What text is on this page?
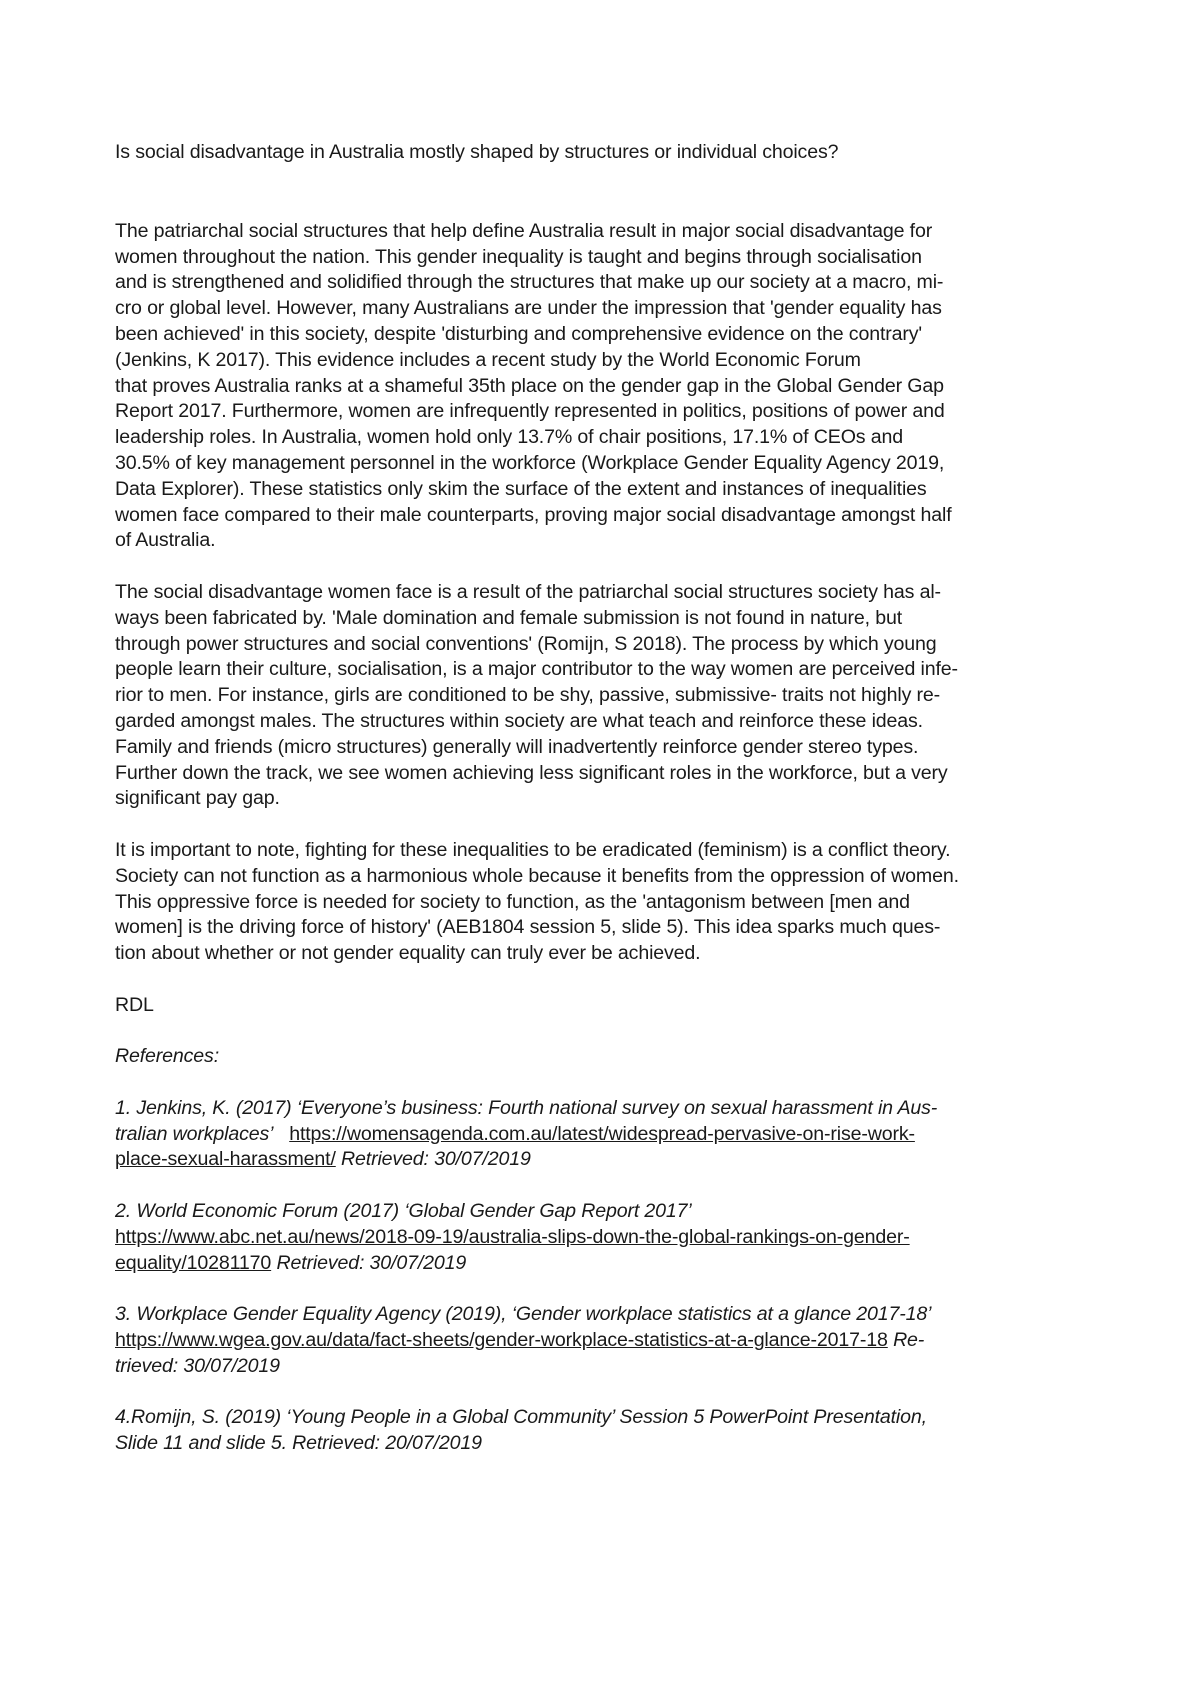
Is social disadvantage in Australia mostly shaped by structures or individual choices?
The patriarchal social structures that help define Australia result in major social disadvantage for
women throughout the nation. This gender inequality is taught and begins through socialisation
and is strengthened and solidified through the structures that make up our society at a macro, mi-
cro or global level. However, many Australians are under the impression that 'gender equality has
been achieved' in this society, despite 'disturbing and comprehensive evidence on the contrary'
(Jenkins, K 2017). This evidence includes a recent study by the World Economic Forum
that proves Australia ranks at a shameful 35th place on the gender gap in the Global Gender Gap
Report 2017. Furthermore, women are infrequently represented in politics, positions of power and
leadership roles. In Australia, women hold only 13.7% of chair positions, 17.1% of CEOs and
30.5% of key management personnel in the workforce (Workplace Gender Equality Agency 2019,
Data Explorer). These statistics only skim the surface of the extent and instances of inequalities
women face compared to their male counterparts, proving major social disadvantage amongst half
of Australia.
The social disadvantage women face is a result of the patriarchal social structures society has al-
ways been fabricated by. 'Male domination and female submission is not found in nature, but
through power structures and social conventions' (Romijn, S 2018). The process by which young
people learn their culture, socialisation, is a major contributor to the way women are perceived infe-
rior to men. For instance, girls are conditioned to be shy, passive, submissive- traits not highly re-
garded amongst males. The structures within society are what teach and reinforce these ideas.
Family and friends (micro structures) generally will inadvertently reinforce gender stereo types.
Further down the track, we see women achieving less significant roles in the workforce, but a very
significant pay gap.
It is important to note, fighting for these inequalities to be eradicated (feminism) is a conflict theory.
Society can not function as a harmonious whole because it benefits from the oppression of women.
This oppressive force is needed for society to function, as the 'antagonism between [men and
women] is the driving force of history' (AEB1804 session 5, slide 5). This idea sparks much ques-
tion about whether or not gender equality can truly ever be achieved.
RDL
References:
1. Jenkins, K. (2017) ‘Everyone’s business: Fourth national survey on sexual harassment in Aus-
tralian workplaces’ https://womensagenda.com.au/latest/widespread-pervasive-on-rise-work-
place-sexual-harassment/ Retrieved: 30/07/2019
2. World Economic Forum (2017) ‘Global Gender Gap Report 2017’
https://www.abc.net.au/news/2018-09-19/australia-slips-down-the-global-rankings-on-gender-
equality/10281170 Retrieved: 30/07/2019
3. Workplace Gender Equality Agency (2019), ‘Gender workplace statistics at a glance 2017-18’
https://www.wgea.gov.au/data/fact-sheets/gender-workplace-statistics-at-a-glance-2017-18 Re-
trieved: 30/07/2019
4.Romijn, S. (2019) ‘Young People in a Global Community’ Session 5 PowerPoint Presentation,
Slide 11 and slide 5. Retrieved: 20/07/2019
